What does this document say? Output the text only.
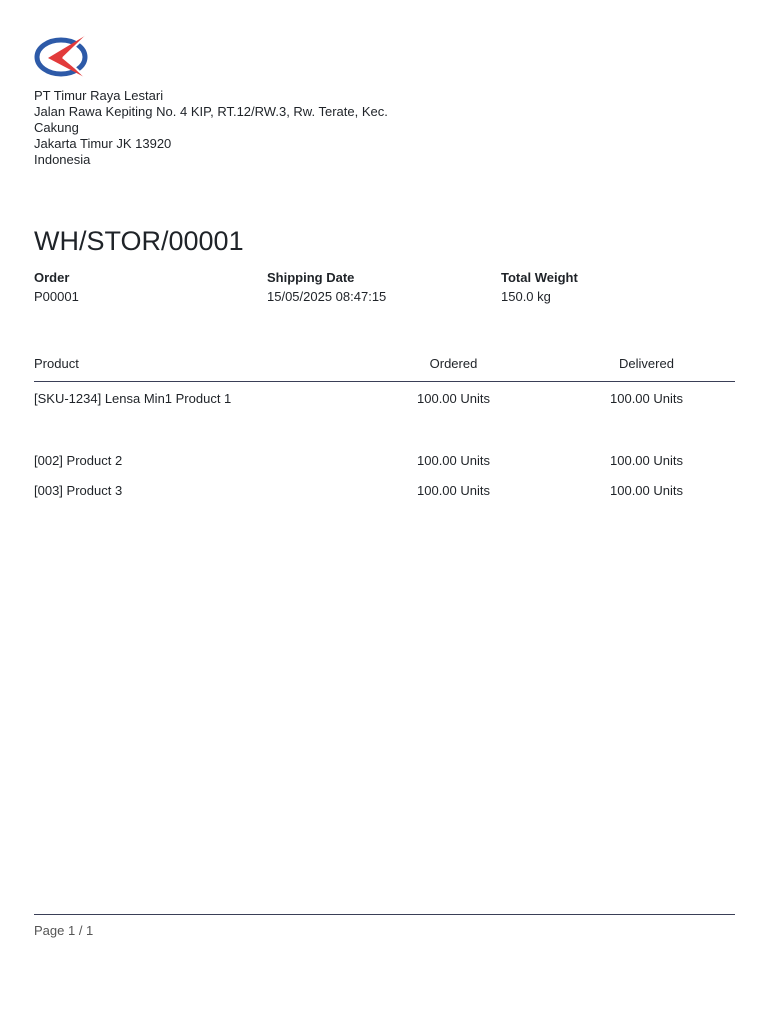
PT Timur Raya Lestari
Jalan Rawa Kepiting No. 4 KIP, RT.12/RW.3, Rw. Terate, Kec. Cakung
Jakarta Timur JK 13920
Indonesia
WH/STOR/00001
Order
P00001
Shipping Date
15/05/2025 08:47:15
Total Weight
150.0 kg
Product	Ordered	Delivered
[SKU-1234] Lensa Min1 Product 1	100.00 Units	100.00 Units
[002] Product 2	100.00 Units	100.00 Units
[003] Product 3	100.00 Units	100.00 Units
Page 1 / 1
